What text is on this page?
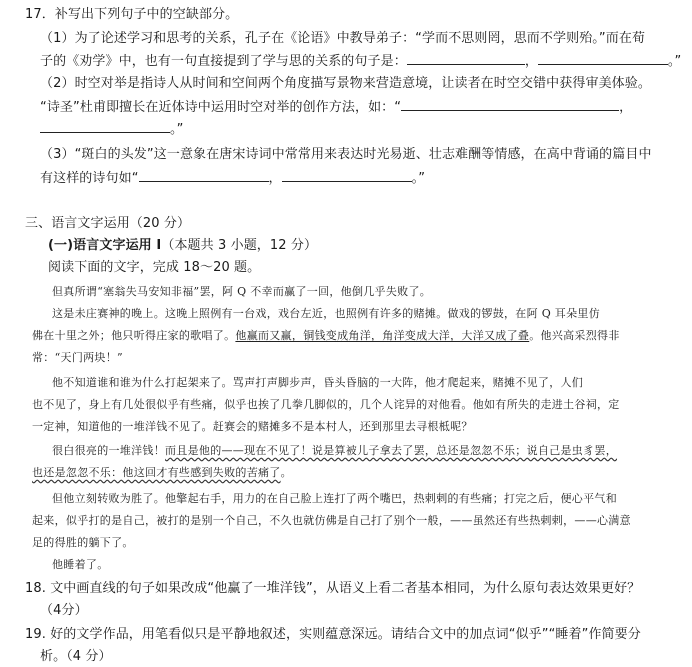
17．补写出下列句子中的空缺部分。
（1）为了论述学习和思考的关系，孔子在《论语》中教导弟子：“学而不思则罔，思而不学则殆。”而在荀
子的《劝学》中，也有一句直接提到了学与思的关系的句子是：	，	。”
（2）时空对举是指诗人从时间和空间两个角度描写景物来营造意境，让读者在时空交错中获得审美体验。
“诗圣”杜甫即擅长在近体诗中运用时空对举的创作方法，如：“	，
。”
（3）“斑白的头发”这一意象在唐宋诗词中常常用来表达时光易逝、壮志难酬等情感，在高中背诵的篇目中
有这样的诗句如“	，	。”
三、语言文字运用（20 分）
(一)语言文字运用 I（本题共 3 小题，12 分）
阅读下面的文字，完成 18～20 题。
但真所谓“塞翁失马安知非福”罢，阿 Q 不幸而赢了一回，他倒几乎失败了。
这是未庄赛神的晚上。这晚上照例有一台戏，戏台左近，也照例有许多的赌摊。做戏的锣鼓，在阿 Q 耳朵里仿
佛在十里之外；他只听得庄家的歌唱了。他赢而又赢，铜钱变成角洋，角洋变成大洋，大洋又成了叠。他兴高采烈得非
常：“天门两块！”
他不知道谁和谁为什么打起架来了。骂声打声脚步声，昏头昏脑的一大阵，他才爬起来，赌摊不见了，人们
也不见了，身上有几处很似乎有些痛，似乎也挨了几拳几脚似的，几个人诧异的对他看。他如有所失的走进土谷祠，定
一定神，知道他的一堆洋钱不见了。赶赛会的赌摊多不是本村人，还到那里去寻根柢呢？
很白很亮的一堆洋钱！而且是他的——现在不见了！说是算被儿子拿去了罢，总还是忽忽不乐；说自己是虫豸罢，
也还是忽忽不乐：他这回才有些感到失败的苦痛了。
但他立刻转败为胜了。他擎起右手，用力的在自己脸上连打了两个嘴巴，热剌剌的有些痛；打完之后，便心平气和
起来，似乎打的是自己，被打的是别一个自己，不久也就仿佛是自己打了别个一般，——虽然还有些热剌剌，——心满意
足的得胜的躺下了。
他睡着了。
18. 文中画直线的句子如果改成“他赢了一堆洋钱”，从语义上看二者基本相同，为什么原句表达效果更好？
（4分）
19. 好的文学作品，用笔看似只是平静地叙述，实则蕴意深远。请结合文中的加点词“似乎”“睡着”作简要分
析。（4 分）
